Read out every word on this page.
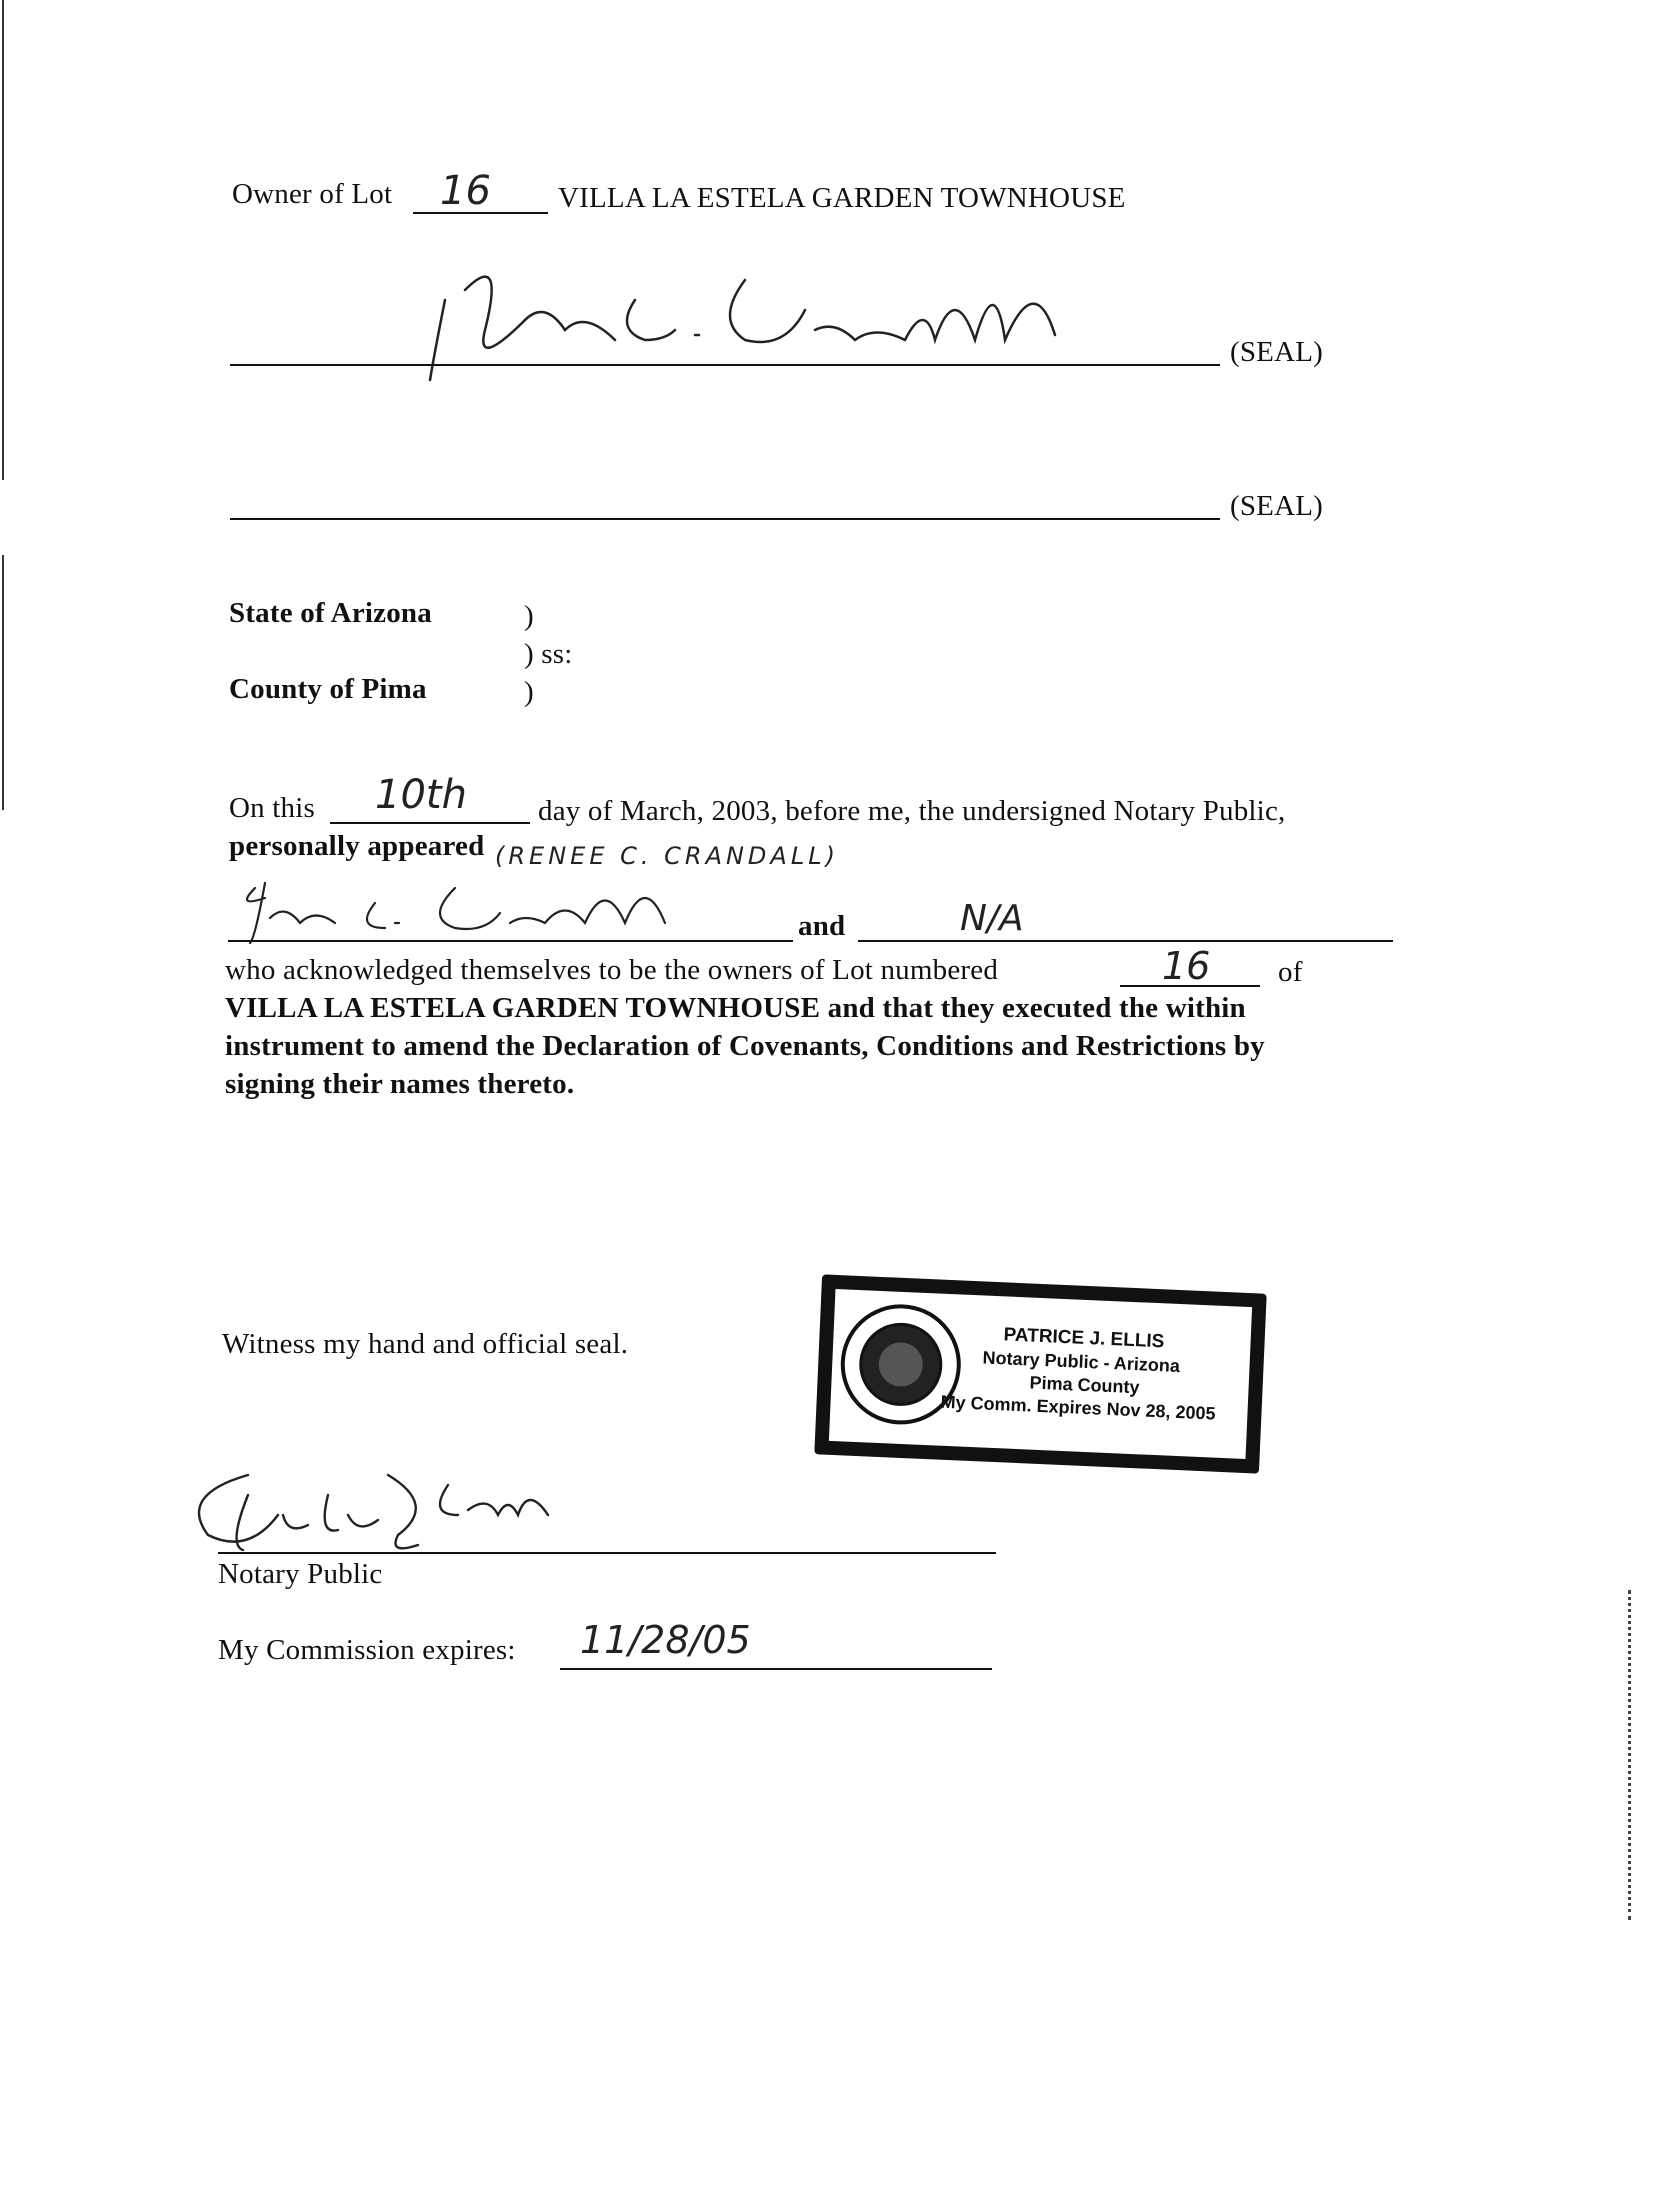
Owner of Lot 16 VILLA LA ESTELA GARDEN TOWNHOUSE
(SEAL)
(SEAL)
State of Arizona	)
) ss:
County of Pima	)
On this 10th day of March, 2003, before me, the undersigned Notary Public,
personally appeared (RENEE C. CRANDALL)
and	N/A
who acknowledged themselves to be the owners of Lot numbered	16 of
VILLA LA ESTELA GARDEN TOWNHOUSE and that they executed the within
instrument to amend the Declaration of Covenants, Conditions and Restrictions by
signing their names thereto.
Witness my hand and official seal.	PATRICE J. ELLIS
Notary Public - Arizona
Pima County
My Comm. Expires Nov 28, 2005
Notary Public
My Commission expires: 11/28/05
